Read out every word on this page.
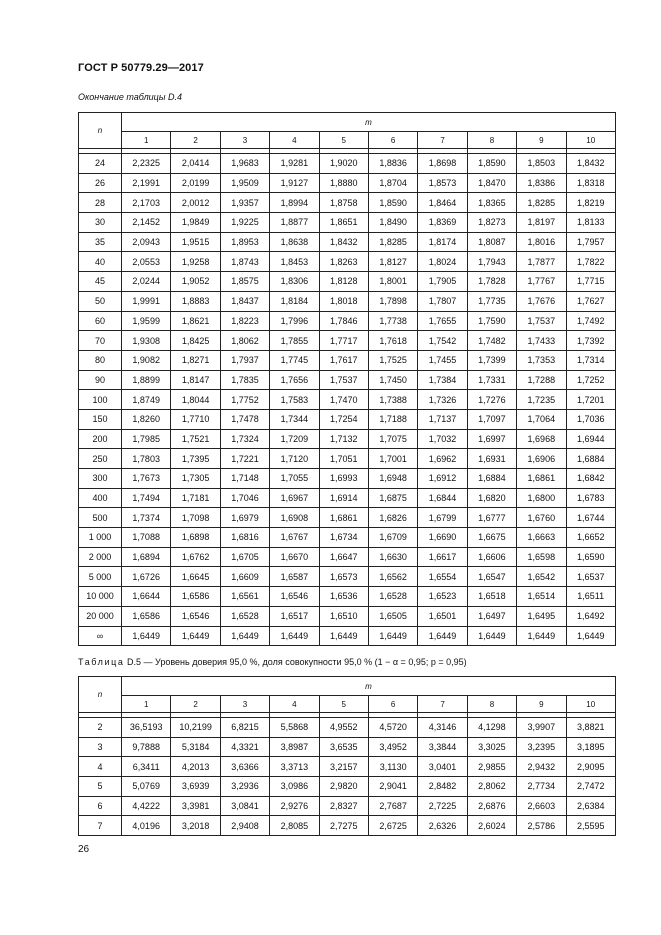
ГОСТ Р 50779.29—2017
Окончание таблицы D.4
n	m									
	1	2	3	4	5	6	7	8	9	10

24	2,2325	2,0414	1,9683	1,9281	1,9020	1,8836	1,8698	1,8590	1,8503	1,8432
26	2,1991	2,0199	1,9509	1,9127	1,8880	1,8704	1,8573	1,8470	1,8386	1,8318
28	2,1703	2,0012	1,9357	1,8994	1,8758	1,8590	1,8464	1,8365	1,8285	1,8219
30	2,1452	1,9849	1,9225	1,8877	1,8651	1,8490	1,8369	1,8273	1,8197	1,8133
35	2,0943	1,9515	1,8953	1,8638	1,8432	1,8285	1,8174	1,8087	1,8016	1,7957
40	2,0553	1,9258	1,8743	1,8453	1,8263	1,8127	1,8024	1,7943	1,7877	1,7822
45	2,0244	1,9052	1,8575	1,8306	1,8128	1,8001	1,7905	1,7828	1,7767	1,7715
50	1,9991	1,8883	1,8437	1,8184	1,8018	1,7898	1,7807	1,7735	1,7676	1,7627
60	1,9599	1,8621	1,8223	1,7996	1,7846	1,7738	1,7655	1,7590	1,7537	1,7492
70	1,9308	1,8425	1,8062	1,7855	1,7717	1,7618	1,7542	1,7482	1,7433	1,7392
80	1,9082	1,8271	1,7937	1,7745	1,7617	1,7525	1,7455	1,7399	1,7353	1,7314
90	1,8899	1,8147	1,7835	1,7656	1,7537	1,7450	1,7384	1,7331	1,7288	1,7252
100	1,8749	1,8044	1,7752	1,7583	1,7470	1,7388	1,7326	1,7276	1,7235	1,7201
150	1,8260	1,7710	1,7478	1,7344	1,7254	1,7188	1,7137	1,7097	1,7064	1,7036
200	1,7985	1,7521	1,7324	1,7209	1,7132	1,7075	1,7032	1,6997	1,6968	1,6944
250	1,7803	1,7395	1,7221	1,7120	1,7051	1,7001	1,6962	1,6931	1,6906	1,6884
300	1,7673	1,7305	1,7148	1,7055	1,6993	1,6948	1,6912	1,6884	1,6861	1,6842
400	1,7494	1,7181	1,7046	1,6967	1,6914	1,6875	1,6844	1,6820	1,6800	1,6783
500	1,7374	1,7098	1,6979	1,6908	1,6861	1,6826	1,6799	1,6777	1,6760	1,6744
1 000	1,7088	1,6898	1,6816	1,6767	1,6734	1,6709	1,6690	1,6675	1,6663	1,6652
2 000	1,6894	1,6762	1,6705	1,6670	1,6647	1,6630	1,6617	1,6606	1,6598	1,6590
5 000	1,6726	1,6645	1,6609	1,6587	1,6573	1,6562	1,6554	1,6547	1,6542	1,6537
10 000	1,6644	1,6586	1,6561	1,6546	1,6536	1,6528	1,6523	1,6518	1,6514	1,6511
20 000	1,6586	1,6546	1,6528	1,6517	1,6510	1,6505	1,6501	1,6497	1,6495	1,6492
∞	1,6449	1,6449	1,6449	1,6449	1,6449	1,6449	1,6449	1,6449	1,6449	1,6449
Таблица D.5 — Уровень доверия 95,0 %, доля совокупности 95,0 % (1 − α = 0,95; p = 0,95)
n	m									
	1	2	3	4	5	6	7	8	9	10

2	36,5193	10,2199	6,8215	5,5868	4,9552	4,5720	4,3146	4,1298	3,9907	3,8821
3	9,7888	5,3184	4,3321	3,8987	3,6535	3,4952	3,3844	3,3025	3,2395	3,1895
4	6,3411	4,2013	3,6366	3,3713	3,2157	3,1130	3,0401	2,9855	2,9432	2,9095
5	5,0769	3,6939	3,2936	3,0986	2,9820	2,9041	2,8482	2,8062	2,7734	2,7472
6	4,4222	3,3981	3,0841	2,9276	2,8327	2,7687	2,7225	2,6876	2,6603	2,6384
7	4,0196	3,2018	2,9408	2,8085	2,7275	2,6725	2,6326	2,6024	2,5786	2,5595
26
